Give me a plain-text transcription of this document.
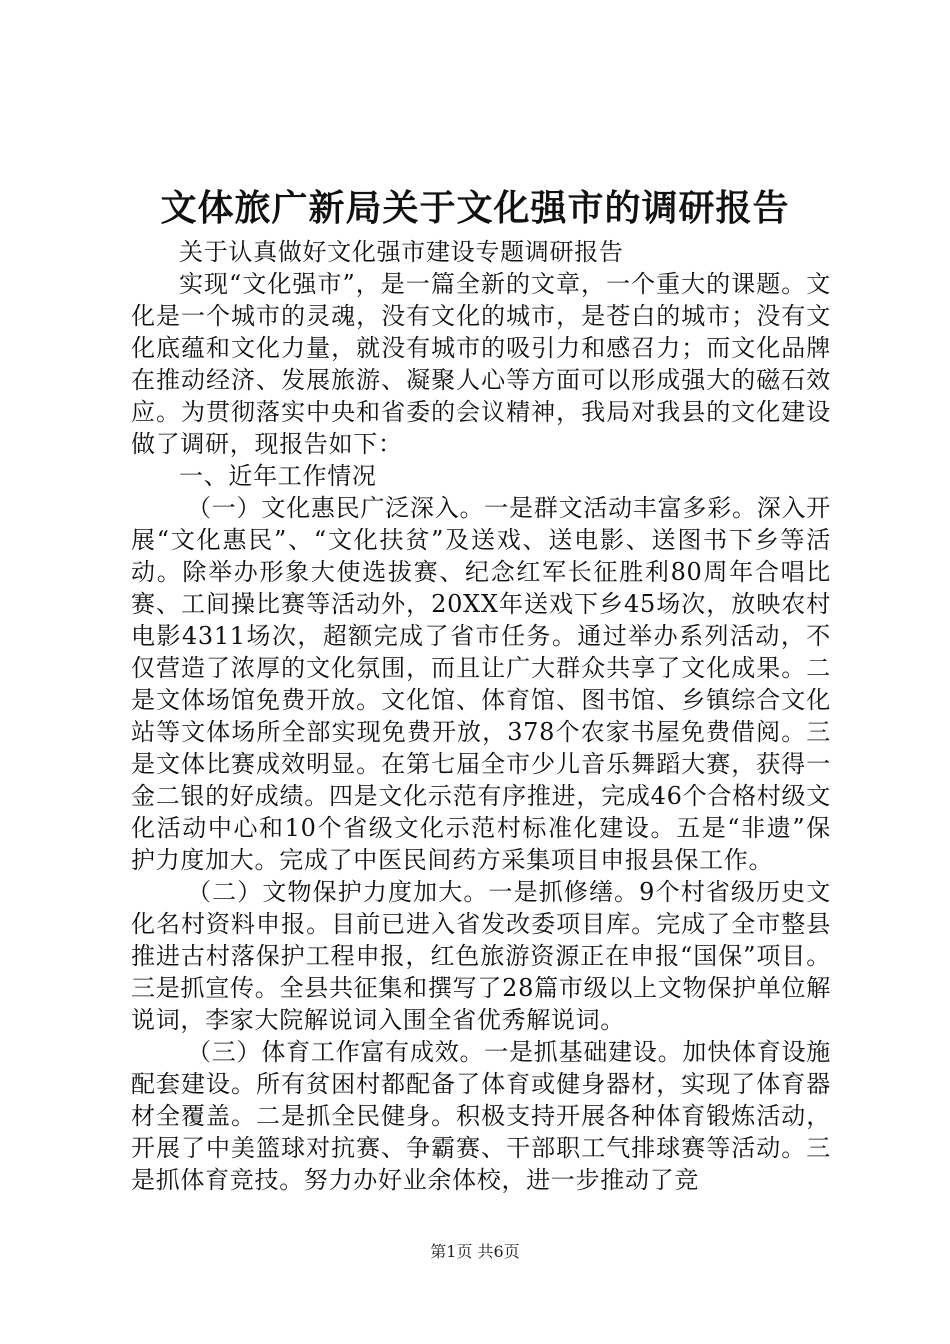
文体旅广新局关于文化强市的调研报告

关于认真做好文化强市建设专题调研报告

实现“文化强市”，是一篇全新的文章，一个重大的课题。文化是一个城市的灵魂，没有文化的城市，是苍白的城市；没有文化底蕴和文化力量，就没有城市的吸引力和感召力；而文化品牌在推动经济、发展旅游、凝聚人心等方面可以形成强大的磁石效应。为贯彻落实中央和省委的会议精神，我局对我县的文化建设做了调研，现报告如下：

一、近年工作情况

（一）文化惠民广泛深入。一是群文活动丰富多彩。深入开展“文化惠民”、“文化扶贫”及送戏、送电影、送图书下乡等活动。除举办形象大使选拔赛、纪念红军长征胜利80周年合唱比赛、工间操比赛等活动外，20XX年送戏下乡45场次，放映农村电影4311场次，超额完成了省市任务。通过举办系列活动，不仅营造了浓厚的文化氛围，而且让广大群众共享了文化成果。二是文体场馆免费开放。文化馆、体育馆、图书馆、乡镇综合文化站等文体场所全部实现免费开放，378个农家书屋免费借阅。三是文体比赛成效明显。在第七届全市少儿音乐舞蹈大赛，获得一金二银的好成绩。四是文化示范有序推进，完成46个合格村级文化活动中心和10个省级文化示范村标准化建设。五是“非遗”保护力度加大。完成了中医民间药方采集项目申报县保工作。

（二）文物保护力度加大。一是抓修缮。9个村省级历史文化名村资料申报。目前已进入省发改委项目库。完成了全市整县推进古村落保护工程申报，红色旅游资源正在申报“国保”项目。三是抓宣传。全县共征集和撰写了28篇市级以上文物保护单位解说词，李家大院解说词入围全省优秀解说词。

（三）体育工作富有成效。一是抓基础建设。加快体育设施配套建设。所有贫困村都配备了体育或健身器材，实现了体育器材全覆盖。二是抓全民健身。积极支持开展各种体育锻炼活动，开展了中美篮球对抗赛、争霸赛、干部职工气排球赛等活动。三是抓体育竞技。努力办好业余体校，进一步推动了竞

第1页 共6页
